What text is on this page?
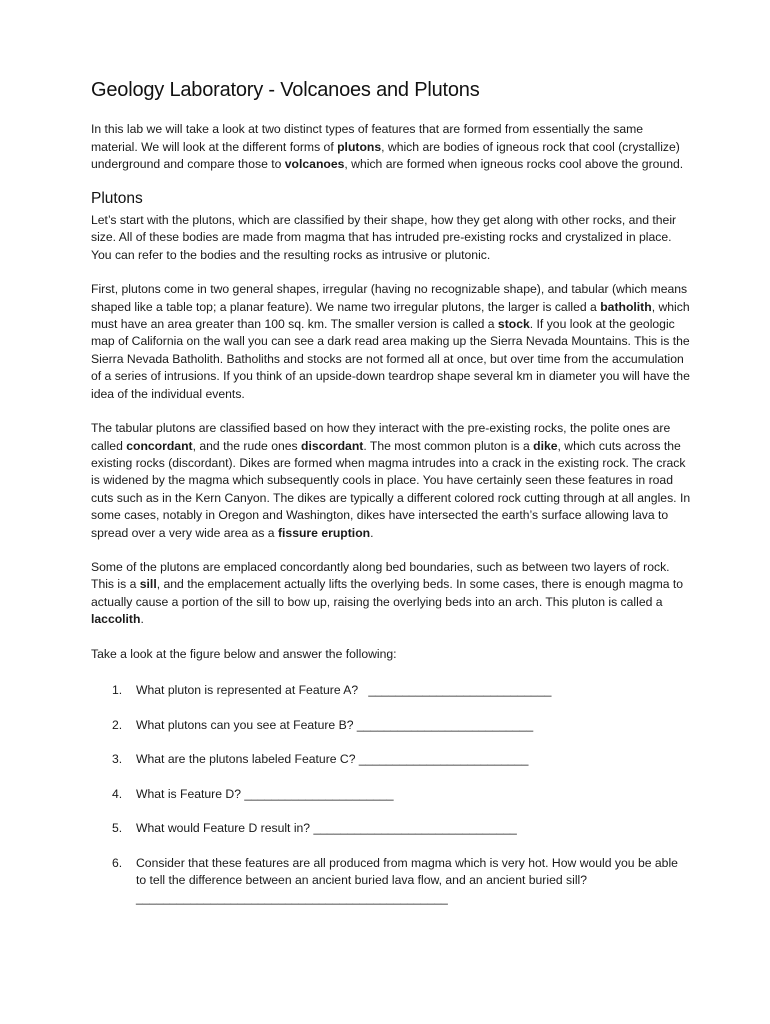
Geology Laboratory - Volcanoes and Plutons

In this lab we will take a look at two distinct types of features that are formed from essentially the same material. We will look at the different forms of plutons, which are bodies of igneous rock that cool (crystallize) underground and compare those to volcanoes, which are formed when igneous rocks cool above the ground.

Plutons

Let’s start with the plutons, which are classified by their shape, how they get along with other rocks, and their size. All of these bodies are made from magma that has intruded pre-existing rocks and crystalized in place. You can refer to the bodies and the resulting rocks as intrusive or plutonic.

First, plutons come in two general shapes, irregular (having no recognizable shape), and tabular (which means shaped like a table top; a planar feature). We name two irregular plutons, the larger is called a batholith, which must have an area greater than 100 sq. km. The smaller version is called a stock. If you look at the geologic map of California on the wall you can see a dark read area making up the Sierra Nevada Mountains. This is the Sierra Nevada Batholith. Batholiths and stocks are not formed all at once, but over time from the accumulation of a series of intrusions. If you think of an upside-down teardrop shape several km in diameter you will have the idea of the individual events.

The tabular plutons are classified based on how they interact with the pre-existing rocks, the polite ones are called concordant, and the rude ones discordant. The most common pluton is a dike, which cuts across the existing rocks (discordant). Dikes are formed when magma intrudes into a crack in the existing rock. The crack is widened by the magma which subsequently cools in place. You have certainly seen these features in road cuts such as in the Kern Canyon. The dikes are typically a different colored rock cutting through at all angles. In some cases, notably in Oregon and Washington, dikes have intersected the earth’s surface allowing lava to spread over a very wide area as a fissure eruption.

Some of the plutons are emplaced concordantly along bed boundaries, such as between two layers of rock. This is a sill, and the emplacement actually lifts the overlying beds. In some cases, there is enough magma to actually cause a portion of the sill to bow up, raising the overlying beds into an arch. This pluton is called a laccolith.

Take a look at the figure below and answer the following:

1. What pluton is represented at Feature A?   ___________________________
2. What plutons can you see at Feature B? __________________________
3. What are the plutons labeled Feature C? _________________________
4. What is Feature D? ______________________
5. What would Feature D result in? ______________________________
6. Consider that these features are all produced from magma which is very hot. How would you be able to tell the difference between an ancient buried lava flow, and an ancient buried sill?
______________________________________________
